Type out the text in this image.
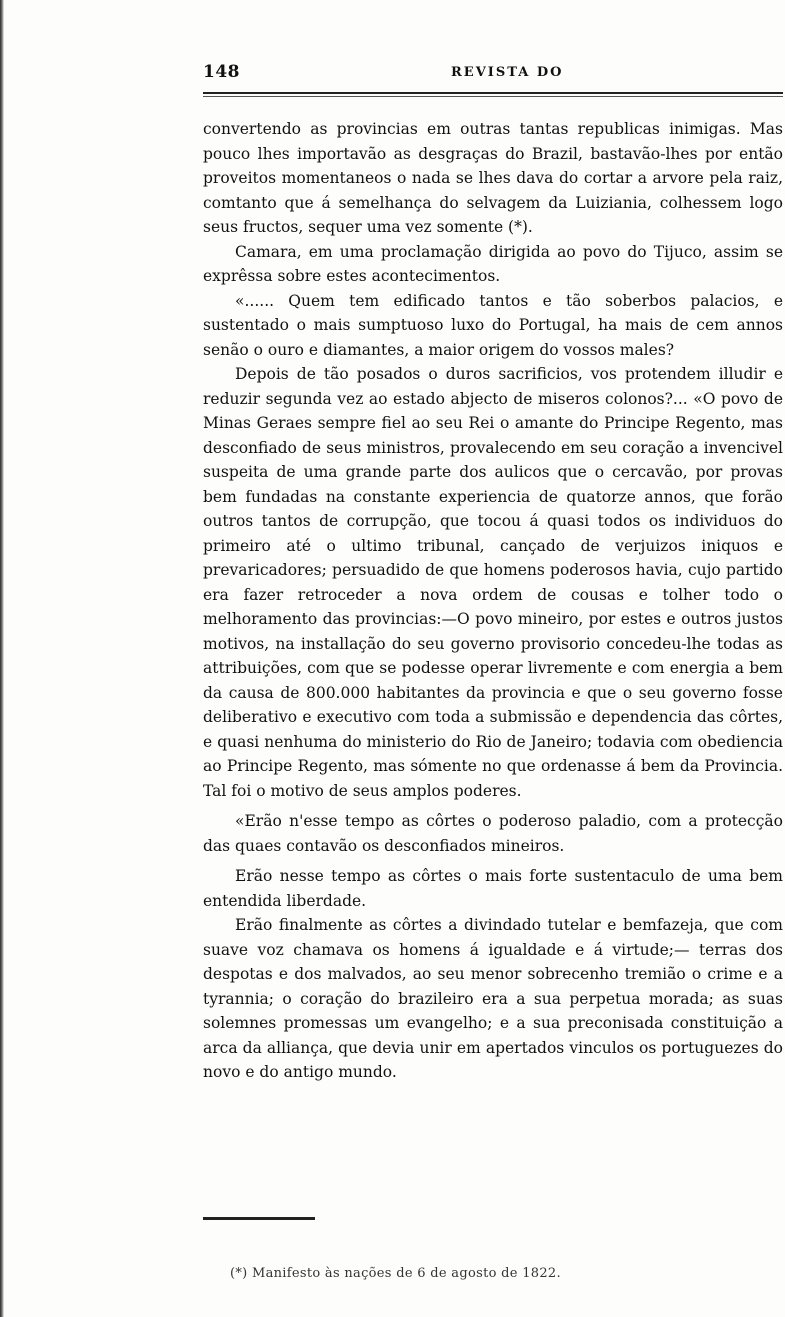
148	REVISTA DO

convertendo as provincias em outras tantas republicas inimigas. Mas pouco lhes importavão as desgraças do Brazil, bastavão-lhes por então proveitos momentaneos o nada se lhes dava do cortar a arvore pela raiz, comtanto que á semelhança do selvagem da Luiziania, colhessem logo seus fructos, sequer uma vez somente (*).

Camara, em uma proclamação dirigida ao povo do Tijuco, assim se exprêssa sobre estes acontecimentos.

«...... Quem tem edificado tantos e tão soberbos palacios, e sustentado o mais sumptuoso luxo do Portugal, ha mais de cem annos senão o ouro e diamantes, a maior origem do vossos males?

Depois de tão posados o duros sacrificios, vos protendem illudir e reduzir segunda vez ao estado abjecto de miseros colonos?... «O povo de Minas Geraes sempre fiel ao seu Rei o amante do Principe Regento, mas desconfiado de seus ministros, provalecendo em seu coração a invencivel suspeita de uma grande parte dos aulicos que o cercavão, por provas bem fundadas na constante experiencia de quatorze annos, que forão outros tantos de corrupção, que tocou á quasi todos os individuos do primeiro até o ultimo tribunal, cançado de verjuizos iniquos e prevaricadores; persuadido de que homens poderosos havia, cujo partido era fazer retroceder a nova ordem de cousas e tolher todo o melhoramento das provincias:—O povo mineiro, por estes e outros justos motivos, na installação do seu governo provisorio concedeu-lhe todas as attribuições, com que se podesse operar livremente e com energia a bem da causa de 800.000 habitantes da provincia e que o seu governo fosse deliberativo e executivo com toda a submissão e dependencia das côrtes, e quasi nenhuma do ministerio do Rio de Janeiro; todavia com obediencia ao Principe Regento, mas sómente no que ordenasse á bem da Provincia. Tal foi o motivo de seus amplos poderes.

«Erão n'esse tempo as côrtes o poderoso paladio, com a protecção das quaes contavão os desconfiados mineiros.

Erão nesse tempo as côrtes o mais forte sustentaculo de uma bem entendida liberdade.

Erão finalmente as côrtes a divindado tutelar e bemfazeja, que com suave voz chamava os homens á igualdade e á virtude;— terras dos despotas e dos malvados, ao seu menor sobrecenho tremião o crime e a tyrannia; o coração do brazileiro era a sua perpetua morada; as suas solemnes promessas um evangelho; e a sua preconisada constituição a arca da alliança, que devia unir em apertados vinculos os portuguezes do novo e do antigo mundo.

(*) Manifesto às nações de 6 de agosto de 1822.
